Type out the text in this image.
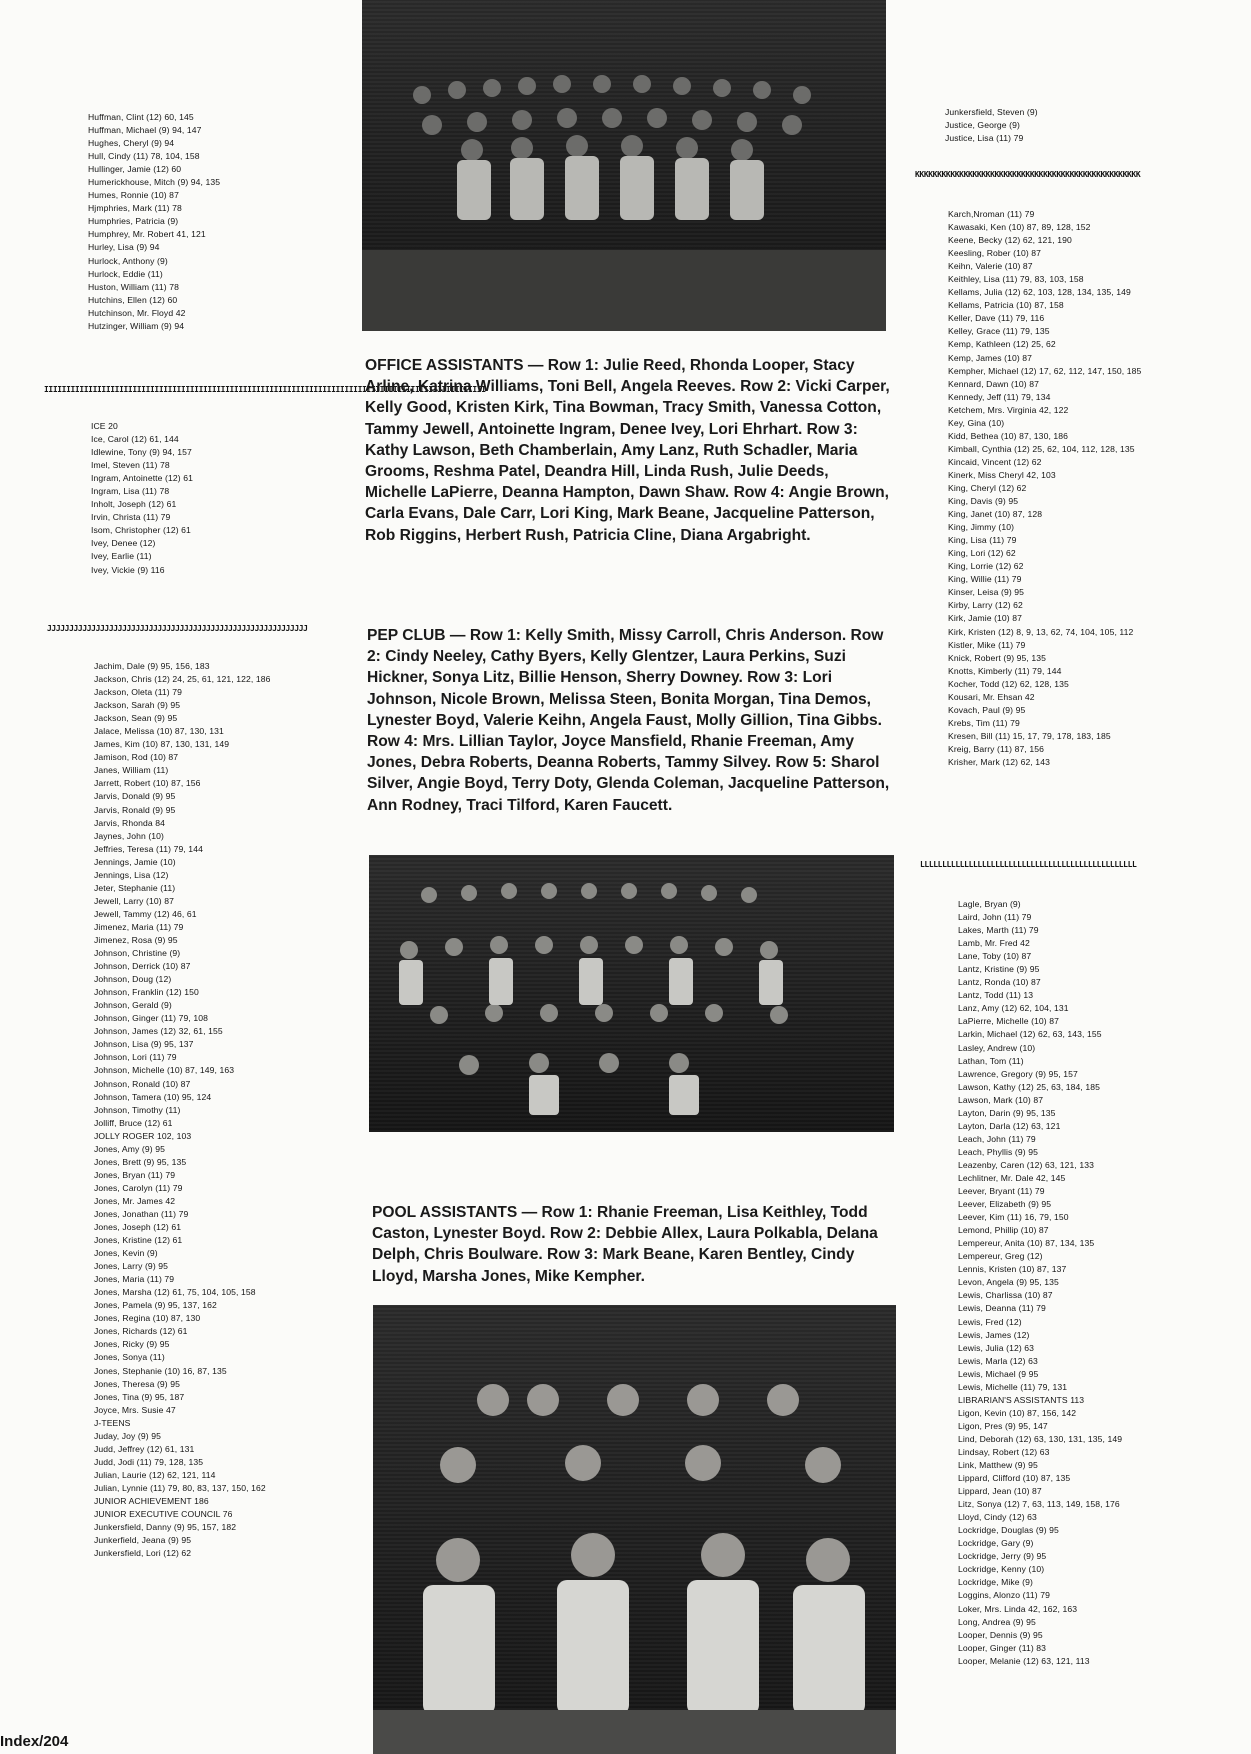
Huffman, Clint (12) 60, 145
Huffman, Michael (9) 94, 147
Hughes, Cheryl (9) 94
Hull, Cindy (11) 78, 104, 158
Hullinger, Jamie (12) 60
Humerickhouse, Mitch (9) 94, 135
Humes, Ronnie (10) 87
Hjmphries, Mark (11) 78
Humphries, Patricia (9)
Humphrey, Mr. Robert 41, 121
Hurley, Lisa (9) 94
Hurlock, Anthony (9)
Hurlock, Eddie (11)
Huston, William (11) 78
Hutchins, Ellen (12) 60
Hutchinson, Mr. Floyd 42
Hutzinger, William (9) 94
IIIIIIIIIIIIIIIIIIIIIIIIIIIIIIIIIIIIIIIIIIIIIIIIIIIIIIIIIIIIIIIIIIIIIIIIIIIIIIIIIIIIIIIIIIIIIIIIIIII
ICE 20
Ice, Carol (12) 61, 144
Idlewine, Tony (9) 94, 157
Imel, Steven (11) 78
Ingram, Antoinette (12) 61
Ingram, Lisa (11) 78
Inholt, Joseph (12) 61
Irvin, Christa (11) 79
Isom, Christopher (12) 61
Ivey, Denee (12)
Ivey, Earlie (11)
Ivey, Vickie (9) 116
JJJJJJJJJJJJJJJJJJJJJJJJJJJJJJJJJJJJJJJJJJJJJJJJJJJJJJJJJJJ
Jachim, Dale (9) 95, 156, 183
Jackson, Chris (12) 24, 25, 61, 121, 122, 186
Jackson, Oleta (11) 79
Jackson, Sarah (9) 95
Jackson, Sean (9) 95
Jalace, Melissa (10) 87, 130, 131
James, Kim (10) 87, 130, 131, 149
Jamison, Rod (10) 87
Janes, William (11)
Jarrett, Robert (10) 87, 156
Jarvis, Donald (9) 95
Jarvis, Ronald (9) 95
Jarvis, Rhonda 84
Jaynes, John (10)
Jeffries, Teresa (11) 79, 144
Jennings, Jamie (10)
Jennings, Lisa (12)
Jeter, Stephanie (11)
Jewell, Larry (10) 87
Jewell, Tammy (12) 46, 61
Jimenez, Maria (11) 79
Jimenez, Rosa (9) 95
Johnson, Christine (9)
Johnson, Derrick (10) 87
Johnson, Doug (12)
Johnson, Franklin (12) 150
Johnson, Gerald (9)
Johnson, Ginger (11) 79, 108
Johnson, James (12) 32, 61, 155
Johnson, Lisa (9) 95, 137
Johnson, Lori (11) 79
Johnson, Michelle (10) 87, 149, 163
Johnson, Ronald (10) 87
Johnson, Tamera (10) 95, 124
Johnson, Timothy (11)
Jolliff, Bruce (12) 61
JOLLY ROGER 102, 103
Jones, Amy (9) 95
Jones, Brett (9) 95, 135
Jones, Bryan (11) 79
Jones, Carolyn (11) 79
Jones, Mr. James 42
Jones, Jonathan (11) 79
Jones, Joseph (12) 61
Jones, Kristine (12) 61
Jones, Kevin (9)
Jones, Larry (9) 95
Jones, Maria (11) 79
Jones, Marsha (12) 61, 75, 104, 105, 158
Jones, Pamela (9) 95, 137, 162
Jones, Regina (10) 87, 130
Jones, Richards (12) 61
Jones, Ricky (9) 95
Jones, Sonya (11)
Jones, Stephanie (10) 16, 87, 135
Jones, Theresa (9) 95
Jones, Tina (9) 95, 187
Joyce, Mrs. Susie 47
J-TEENS
Juday, Joy (9) 95
Judd, Jeffrey (12) 61, 131
Judd, Jodi (11) 79, 128, 135
Julian, Laurie (12) 62, 121, 114
Julian, Lynnie (11) 79, 80, 83, 137, 150, 162
JUNIOR ACHIEVEMENT 186
JUNIOR EXECUTIVE COUNCIL 76
Junkersfield, Danny (9) 95, 157, 182
Junkerfield, Jeana (9) 95
Junkersfield, Lori (12) 62
OFFICE ASSISTANTS — Row 1: Julie Reed, Rhonda Looper, Stacy Arline, Katrina Williams, Toni Bell, Angela Reeves. Row 2: Vicki Carper, Kelly Good, Kristen Kirk, Tina Bowman, Tracy Smith, Vanessa Cotton, Tammy Jewell, Antoinette Ingram, Denee Ivey, Lori Ehrhart. Row 3: Kathy Lawson, Beth Chamberlain, Amy Lanz, Ruth Schadler, Maria Grooms, Reshma Patel, Deandra Hill, Linda Rush, Julie Deeds, Michelle LaPierre, Deanna Hampton, Dawn Shaw. Row 4: Angie Brown, Carla Evans, Dale Carr, Lori King, Mark Beane, Jacqueline Patterson, Rob Riggins, Herbert Rush, Patricia Cline, Diana Argabright.
PEP CLUB — Row 1: Kelly Smith, Missy Carroll, Chris Anderson. Row 2: Cindy Neeley, Cathy Byers, Kelly Glentzer, Laura Perkins, Suzi Hickner, Sonya Litz, Billie Henson, Sherry Downey. Row 3: Lori Johnson, Nicole Brown, Melissa Steen, Bonita Morgan, Tina Demos, Lynester Boyd, Valerie Keihn, Angela Faust, Molly Gillion, Tina Gibbs. Row 4: Mrs. Lillian Taylor, Joyce Mansfield, Rhanie Freeman, Amy Jones, Debra Roberts, Deanna Roberts, Tammy Silvey. Row 5: Sharol Silver, Angie Boyd, Terry Doty, Glenda Coleman, Jacqueline Patterson, Ann Rodney, Traci Tilford, Karen Faucett.
POOL ASSISTANTS — Row 1: Rhanie Freeman, Lisa Keithley, Todd Caston, Lynester Boyd. Row 2: Debbie Allex, Laura Polkabla, Delana Delph, Chris Boulware. Row 3: Mark Beane, Karen Bentley, Cindy Lloyd, Marsha Jones, Mike Kempher.
Junkersfield, Steven (9)
Justice, George (9)
Justice, Lisa (11) 79
KKKKKKKKKKKKKKKKKKKKKKKKKKKKKKKKKKKKKKKKKKKKKKKKKKK
Karch,Nroman (11) 79
Kawasaki, Ken (10) 87, 89, 128, 152
Keene, Becky (12) 62, 121, 190
Keesling, Rober (10) 87
Keihn, Valerie (10) 87
Keithley, Lisa (11) 79, 83, 103, 158
Kellams, Julia (12) 62, 103, 128, 134, 135, 149
Kellams, Patricia (10) 87, 158
Keller, Dave (11) 79, 116
Kelley, Grace (11) 79, 135
Kemp, Kathleen (12) 25, 62
Kemp, James (10) 87
Kempher, Michael (12) 17, 62, 112, 147, 150, 185
Kennard, Dawn (10) 87
Kennedy, Jeff (11) 79, 134
Ketchem, Mrs. Virginia 42, 122
Key, Gina (10)
Kidd, Bethea (10) 87, 130, 186
Kimball, Cynthia (12) 25, 62, 104, 112, 128, 135
Kincaid, Vincent (12) 62
Kinerk, Miss Cheryl 42, 103
King, Cheryl (12) 62
King, Davis (9) 95
King, Janet (10) 87, 128
King, Jimmy (10)
King, Lisa (11) 79
King, Lori (12) 62
King, Lorrie (12) 62
King, Willie (11) 79
Kinser, Leisa (9) 95
Kirby, Larry (12) 62
Kirk, Jamie (10) 87
Kirk, Kristen (12) 8, 9, 13, 62, 74, 104, 105, 112
Kistler, Mike (11) 79
Knick, Robert (9) 95, 135
Knotts, Kimberly (11) 79, 144
Kocher, Todd (12) 62, 128, 135
Kousari, Mr. Ehsan 42
Kovach, Paul (9) 95
Krebs, Tim (11) 79
Kresen, Bill (11) 15, 17, 79, 178, 183, 185
Kreig, Barry (11) 87, 156
Krisher, Mark (12) 62, 143
LLLLLLLLLLLLLLLLLLLLLLLLLLLLLLLLLLLLLLLLLLLLLLLLL
Lagle, Bryan (9)
Laird, John (11) 79
Lakes, Marth (11) 79
Lamb, Mr. Fred 42
Lane, Toby (10) 87
Lantz, Kristine (9) 95
Lantz, Ronda (10) 87
Lantz, Todd (11) 13
Lanz, Amy (12) 62, 104, 131
LaPierre, Michelle (10) 87
Larkin, Michael (12) 62, 63, 143, 155
Lasley, Andrew (10)
Lathan, Tom (11)
Lawrence, Gregory (9) 95, 157
Lawson, Kathy (12) 25, 63, 184, 185
Lawson, Mark (10) 87
Layton, Darin (9) 95, 135
Layton, Darla (12) 63, 121
Leach, John (11) 79
Leach, Phyllis (9) 95
Leazenby, Caren (12) 63, 121, 133
Lechlitner, Mr. Dale 42, 145
Leever, Bryant (11) 79
Leever, Elizabeth (9) 95
Leever, Kim (11) 16, 79, 150
Lemond, Phillip (10) 87
Lempereur, Anita (10) 87, 134, 135
Lempereur, Greg (12)
Lennis, Kristen (10) 87, 137
Levon, Angela (9) 95, 135
Lewis, Charlissa (10) 87
Lewis, Deanna (11) 79
Lewis, Fred (12)
Lewis, James (12)
Lewis, Julia (12) 63
Lewis, Marla (12) 63
Lewis, Michael (9 95
Lewis, Michelle (11) 79, 131
LIBRARIAN'S ASSISTANTS 113
Ligon, Kevin (10) 87, 156, 142
Ligon, Pres (9) 95, 147
Lind, Deborah (12) 63, 130, 131, 135, 149
Lindsay, Robert (12) 63
Link, Matthew (9) 95
Lippard, Clifford (10) 87, 135
Lippard, Jean (10) 87
Litz, Sonya (12) 7, 63, 113, 149, 158, 176
Lloyd, Cindy (12) 63
Lockridge, Douglas (9) 95
Lockridge, Gary (9)
Lockridge, Jerry (9) 95
Lockridge, Kenny (10)
Lockridge, Mike (9)
Loggins, Alonzo (11) 79
Loker, Mrs. Linda 42, 162, 163
Long, Andrea (9) 95
Looper, Dennis (9) 95
Looper, Ginger (11) 83
Looper, Melanie (12) 63, 121, 113
Index/204
